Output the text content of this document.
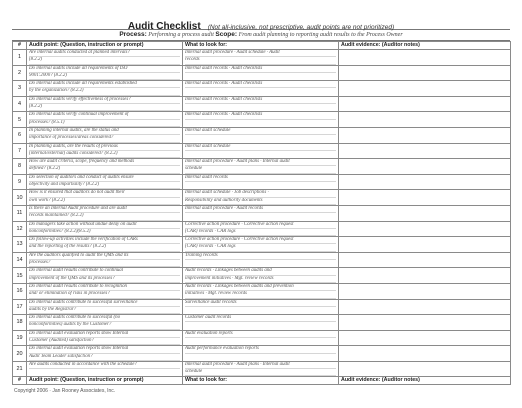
Audit Checklist (Not all-inclusive, not prescriptive, audit points are not prioritized)
Process: Performing a process audit Scope: From audit planning to reporting audit results to the Process Owner
#	Audit point: (Question, instruction or prompt)	What to look for:	Audit evidence: (Auditor notes)
1	Are internal audits conducted at planned intervals?
(8.2.2)	Internal audit procedure · Audit schedule · Audit
records	

2	Do internal audits include all requirements of ISO
9001:2000? (8.2.2)	Internal audit records · Audit checklists	

3	Do internal audits include all requirements established
by the organization? (8.2.2)	Internal audit records · Audit checklists	

4	Do internal audits verify effectiveness of processes?
(8.2.2)	Internal audit records · Audit checklists	

5	Do internal audits verify continual improvement of
processes? (8.5.1)	Internal audit records · Audit checklists	

6	In planning internal audits, are the status and
importance of processes/areas considered?	Internal audit schedule	

7	In planning audits, are the results of previous
(internal/external) audits considered? (8.2.2)	Internal audit schedule	

8	How are audit criteria, scope, frequency and methods
defined? (8.2.2)	Internal audit procedure · Audit plans · Internal audit
schedule	

9	Do selection of auditors and conduct of audits ensure
objectivity and impartiality? (8.2.2)	Internal audit records	

10	How is it ensured that auditors do not audit their
own work? (8.2.2)	Internal audit schedule · Job descriptions ·
Responsibility and authority documents	

11	Is there an Internal Audit procedure and are audit
records maintained? (8.2.2)	Internal audit procedure · Audit records	

12	Do managers take action without undue delay on audit
nonconformities? (8.2.2)(8.5.2)	Corrective action procedure · Corrective action request
(CAR) records · CAR logs	

13	Do follow-up activities include the verification of CARs
and the reporting of the results? (8.2.2)	Corrective action procedure · Corrective action request
(CAR) records · CAR logs	

14	Are the auditors qualified to audit the QMS and its
processes?	Training records	

15	Do internal audit results contribute to continual
improvement of the QMS and its processes?	Audit records · Linkages between audits and
improvement initiatives · Mgt. review records	

16	Do internal audit results contribute to recognition
and/ or elimination of risks in processes?	Audit records · Linkages between audits and prevention
initiatives · Mgt. review records	

17	Do internal audits contribute to successful surveillance
audits by the Registrar?	Surveillance audit records	

18	Do internal audits contribute to successful (no
nonconformities) audits by the Customer?	Customer audit records	

19	Do internal audit evaluation reports show Internal
Customer (Audited) satisfaction?	Audit evaluation reports	

20	Do internal audit evaluation reports show Internal
Audit Team Leader satisfaction?	Audit performance evaluation reports	

21	Are audits conducted in accordance with the schedule?	Internal audit procedure · Audit plans · Internal audit
schedule	

#	Audit point: (Question, instruction or prompt)	What to look for:	Audit evidence: (Auditor notes)
Copyright 2006 · Jan Rooney Associates, Inc.
